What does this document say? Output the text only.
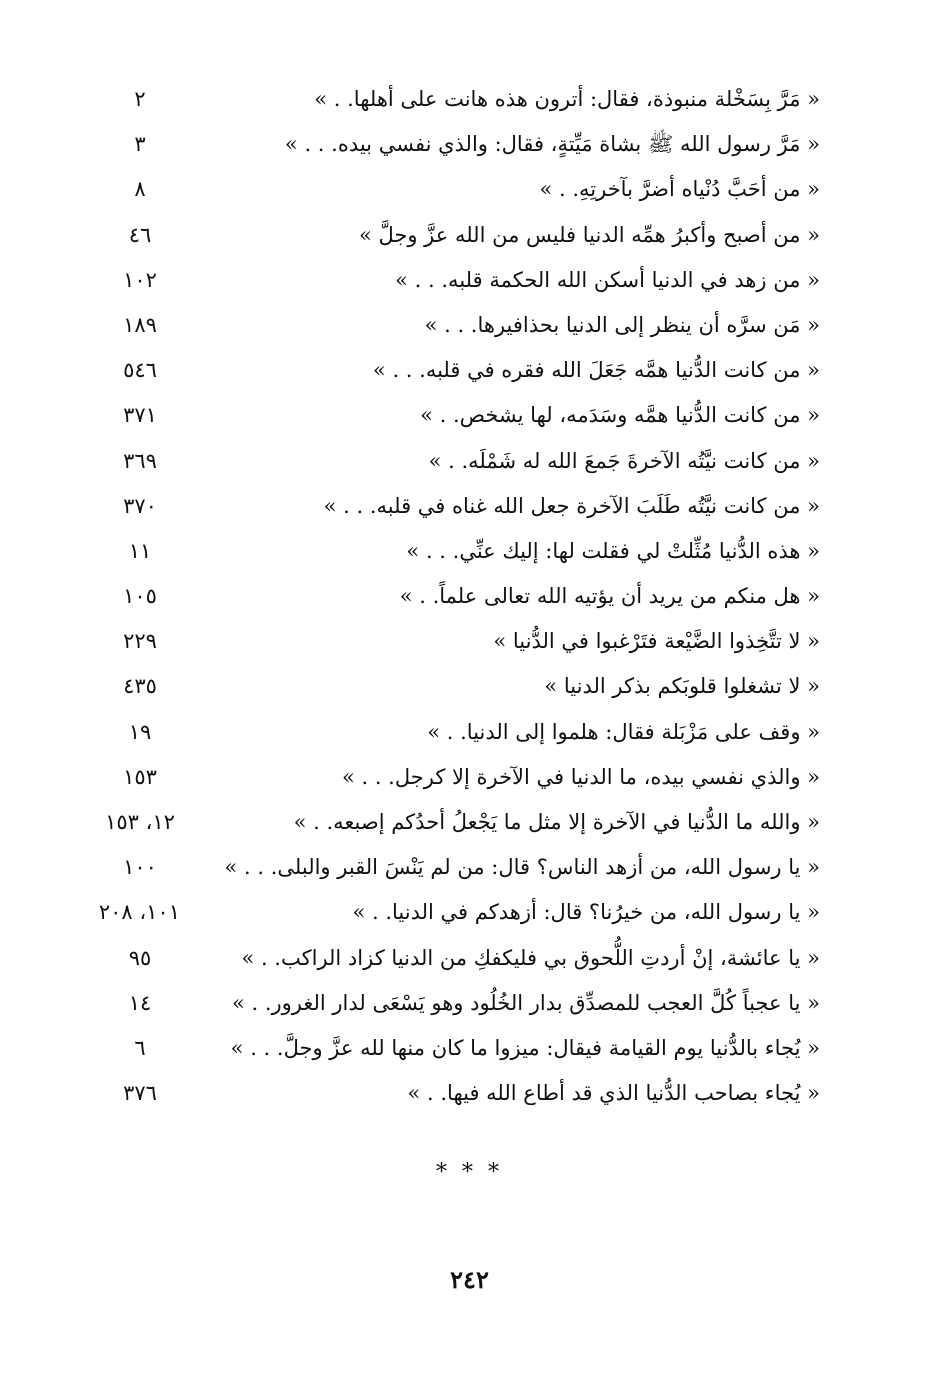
« مَرَّ بِسَخْلة منبوذة، فقال: أترون هذه هانت على أهلها. . »
٢
« مَرَّ رسول الله ﷺ بشاة مَيِّتةٍ، فقال: والذي نفسي بيده. . . »
٣
« من أحَبَّ دُنْياه أضرَّ بآخرتِهِ. . »
٨
« من أصبح وأكبرُ همِّه الدنيا فليس من الله عزَّ وجلَّ »
٤٦
« من زهد في الدنيا أسكن الله الحكمة قلبه. . . »
١٠٢
« مَن سرَّه أن ينظر إلى الدنيا بحذافيرها. . . »
١٨٩
« من كانت الدُّنيا همَّه جَعَلَ الله فقره في قلبه. . . »
٥٤٦
« من كانت الدُّنيا همَّه وسَدَمه، لها يشخص. . »
٣٧١
« من كانت نيَّتُه الآخرةَ جَمعَ الله له شَمْلَه. . »
٣٦٩
« من كانت نيَّتُه طَلَبَ الآخرة جعل الله غناه في قلبه. . . »
٣٧٠
« هذه الدُّنيا مُثِّلتْ لي فقلت لها: إليك عنِّي. . . »
١١
« هل منكم من يريد أن يؤتيه الله تعالى علماً. . »
١٠٥
« لا تتَّخِذوا الضَّيْعة فتَرْغبوا في الدُّنيا »
٢٢٩
« لا تشغلوا قلوبَكم بذكر الدنيا »
٤٣٥
« وقف على مَزْبَلة فقال: هلموا إلى الدنيا. . »
١٩
« والذي نفسي بيده، ما الدنيا في الآخرة إلا كرجل. . . »
١٥٣
« والله ما الدُّنيا في الآخرة إلا مثل ما يَجْعلُ أحدُكم إصبعه. . »
١٢، ١٥٣
« يا رسول الله، من أزهد الناس؟ قال: من لم يَنْسَ القبر والبلى. . . »
١٠٠
« يا رسول الله، من خيرُنا؟ قال: أزهدكم في الدنيا. . »
١٠١، ٢٠٨
« يا عائشة، إنْ أردتِ اللُّحوق بي فليكفكِ من الدنيا كزاد الراكب. . »
٩٥
« يا عجباً كُلَّ العجب للمصدِّق بدار الخُلُود وهو يَسْعَى لدار الغرور. . »
١٤
« يُجاء بالدُّنيا يوم القيامة فيقال: ميزوا ما كان منها لله عزَّ وجلَّ. . . »
٦
« يُجاء بصاحب الدُّنيا الذي قد أطاع الله فيها. . »
٣٧٦
* * *
٢٤٢
